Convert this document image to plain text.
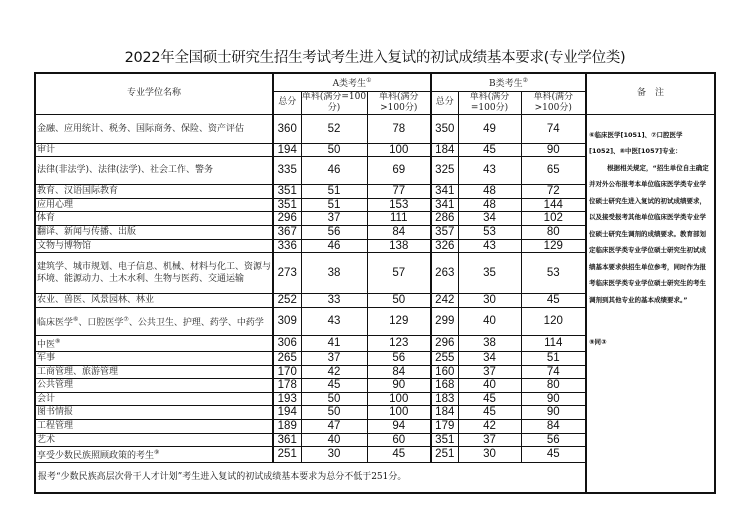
2022年全国硕士研究生招生考试考生进入复试的初试成绩基本要求(专业学位类)
专业学位名称	A类考生①			B类考生②			备　注
	总分	单科(满分=100分)	单科(满分>100分)	总分	单科(满分=100分)	单科(满分>100分)	
金融、应用统计、税务、国际商务、保险、资产评估	360	52	78	350	49	74	⑥临床医学[1051]、⑦口腔医学[1052]、⑧中医[1057]专业：
根据相关规定，“招生单位自主确定并对外公布报考本单位临床医学类专业学位硕士研究生进入复试的初试成绩要求，以及接受报考其他单位临床医学类专业学位硕士研究生调剂的成绩要求。教育部划定临床医学类专业学位硕士研究生初试成绩基本要求供招生单位参考，同时作为报考临床医学类专业学位硕士研究生的考生调剂到其他专业的基本成绩要求。”
⑨同③

审计	194	50	100	184	45	90	
法律(非法学)、法律(法学)、社会工作、警务	335	46	69	325	43	65	
教育、汉语国际教育	351	51	77	341	48	72	
应用心理	351	51	153	341	48	144	
体育	296	37	111	286	34	102	
翻译、新闻与传播、出版	367	56	84	357	53	80	
文物与博物馆	336	46	138	326	43	129	
建筑学、城市规划、电子信息、机械、材料与化工、资源与环境、能源动力、土木水利、生物与医药、交通运输	273	38	57	263	35	53	
农业、兽医、风景园林、林业	252	33	50	242	30	45	
临床医学⑥、口腔医学⑦、公共卫生、护理、药学、中药学	309	43	129	299	40	120	
中医⑧	306	41	123	296	38	114	
军事	265	37	56	255	34	51	
工商管理、旅游管理	170	42	84	160	37	74	
公共管理	178	45	90	168	40	80	
会计	193	50	100	183	45	90	
图书情报	194	50	100	184	45	90	
工程管理	189	47	94	179	42	84	
艺术	361	40	60	351	37	56	
享受少数民族照顾政策的考生⑨	251	30	45	251	30	45	
报考“少数民族高层次骨干人才计划”考生进入复试的初试成绩基本要求为总分不低于251分。							
